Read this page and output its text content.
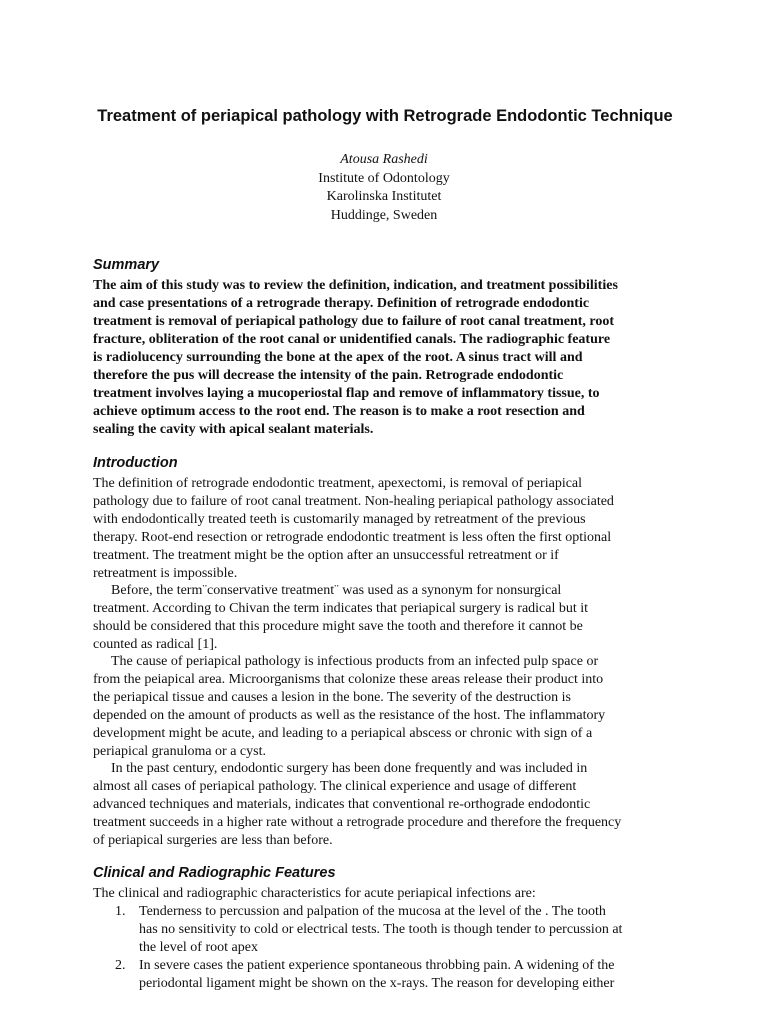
Treatment of periapical pathology with Retrograde Endodontic Technique
Atousa Rashedi
Institute of Odontology
Karolinska Institutet
Huddinge, Sweden
Summary
The aim of this study was to review the definition, indication, and treatment possibilities
and case presentations of a retrograde therapy. Definition of retrograde endodontic
treatment is removal of periapical pathology due to failure of root canal treatment, root
fracture, obliteration of the root canal or unidentified canals. The radiographic feature
is radiolucency surrounding the bone at the apex of the root. A sinus tract will and
therefore the pus will decrease the intensity of the pain. Retrograde endodontic
treatment involves laying a mucoperiostal flap and remove of inflammatory tissue, to
achieve optimum access to the root end. The reason is to make a root resection and
sealing the cavity with apical sealant materials.
Introduction
The definition of retrograde endodontic treatment, apexectomi, is removal of periapical
pathology due to failure of root canal treatment. Non-healing periapical pathology associated
with endodontically treated teeth is customarily managed by retreatment of the previous
therapy. Root-end resection or retrograde endodontic treatment is less often the first optional
treatment. The treatment might be the option after an unsuccessful retreatment or if
retreatment is impossible.
Before, the term¨conservative treatment¨ was used as a synonym for nonsurgical
treatment. According to Chivan the term indicates that periapical surgery is radical but it
should be considered that this procedure might save the tooth and therefore it cannot be
counted as radical [1].
The cause of periapical pathology is infectious products from an infected pulp space or
from the peiapical area. Microorganisms that colonize these areas release their product into
the periapical tissue and causes a lesion in the bone. The severity of the destruction is
depended on the amount of products as well as the resistance of the host. The inflammatory
development might be acute, and leading to a periapical abscess or chronic with sign of a
periapical granuloma or a cyst.
In the past century, endodontic surgery has been done frequently and was included in
almost all cases of periapical pathology. The clinical experience and usage of different
advanced techniques and materials, indicates that conventional re-orthograde endodontic
treatment succeeds in a higher rate without a retrograde procedure and therefore the frequency
of periapical surgeries are less than before.
Clinical and Radiographic Features
The clinical and radiographic characteristics for acute periapical infections are:
1. Tenderness to percussion and palpation of the mucosa at the level of the . The tooth
has no sensitivity to cold or electrical tests. The tooth is though tender to percussion at
the level of root apex
2. In severe cases the patient experience spontaneous throbbing pain. A widening of the
periodontal ligament might be shown on the x-rays. The reason for developing either
